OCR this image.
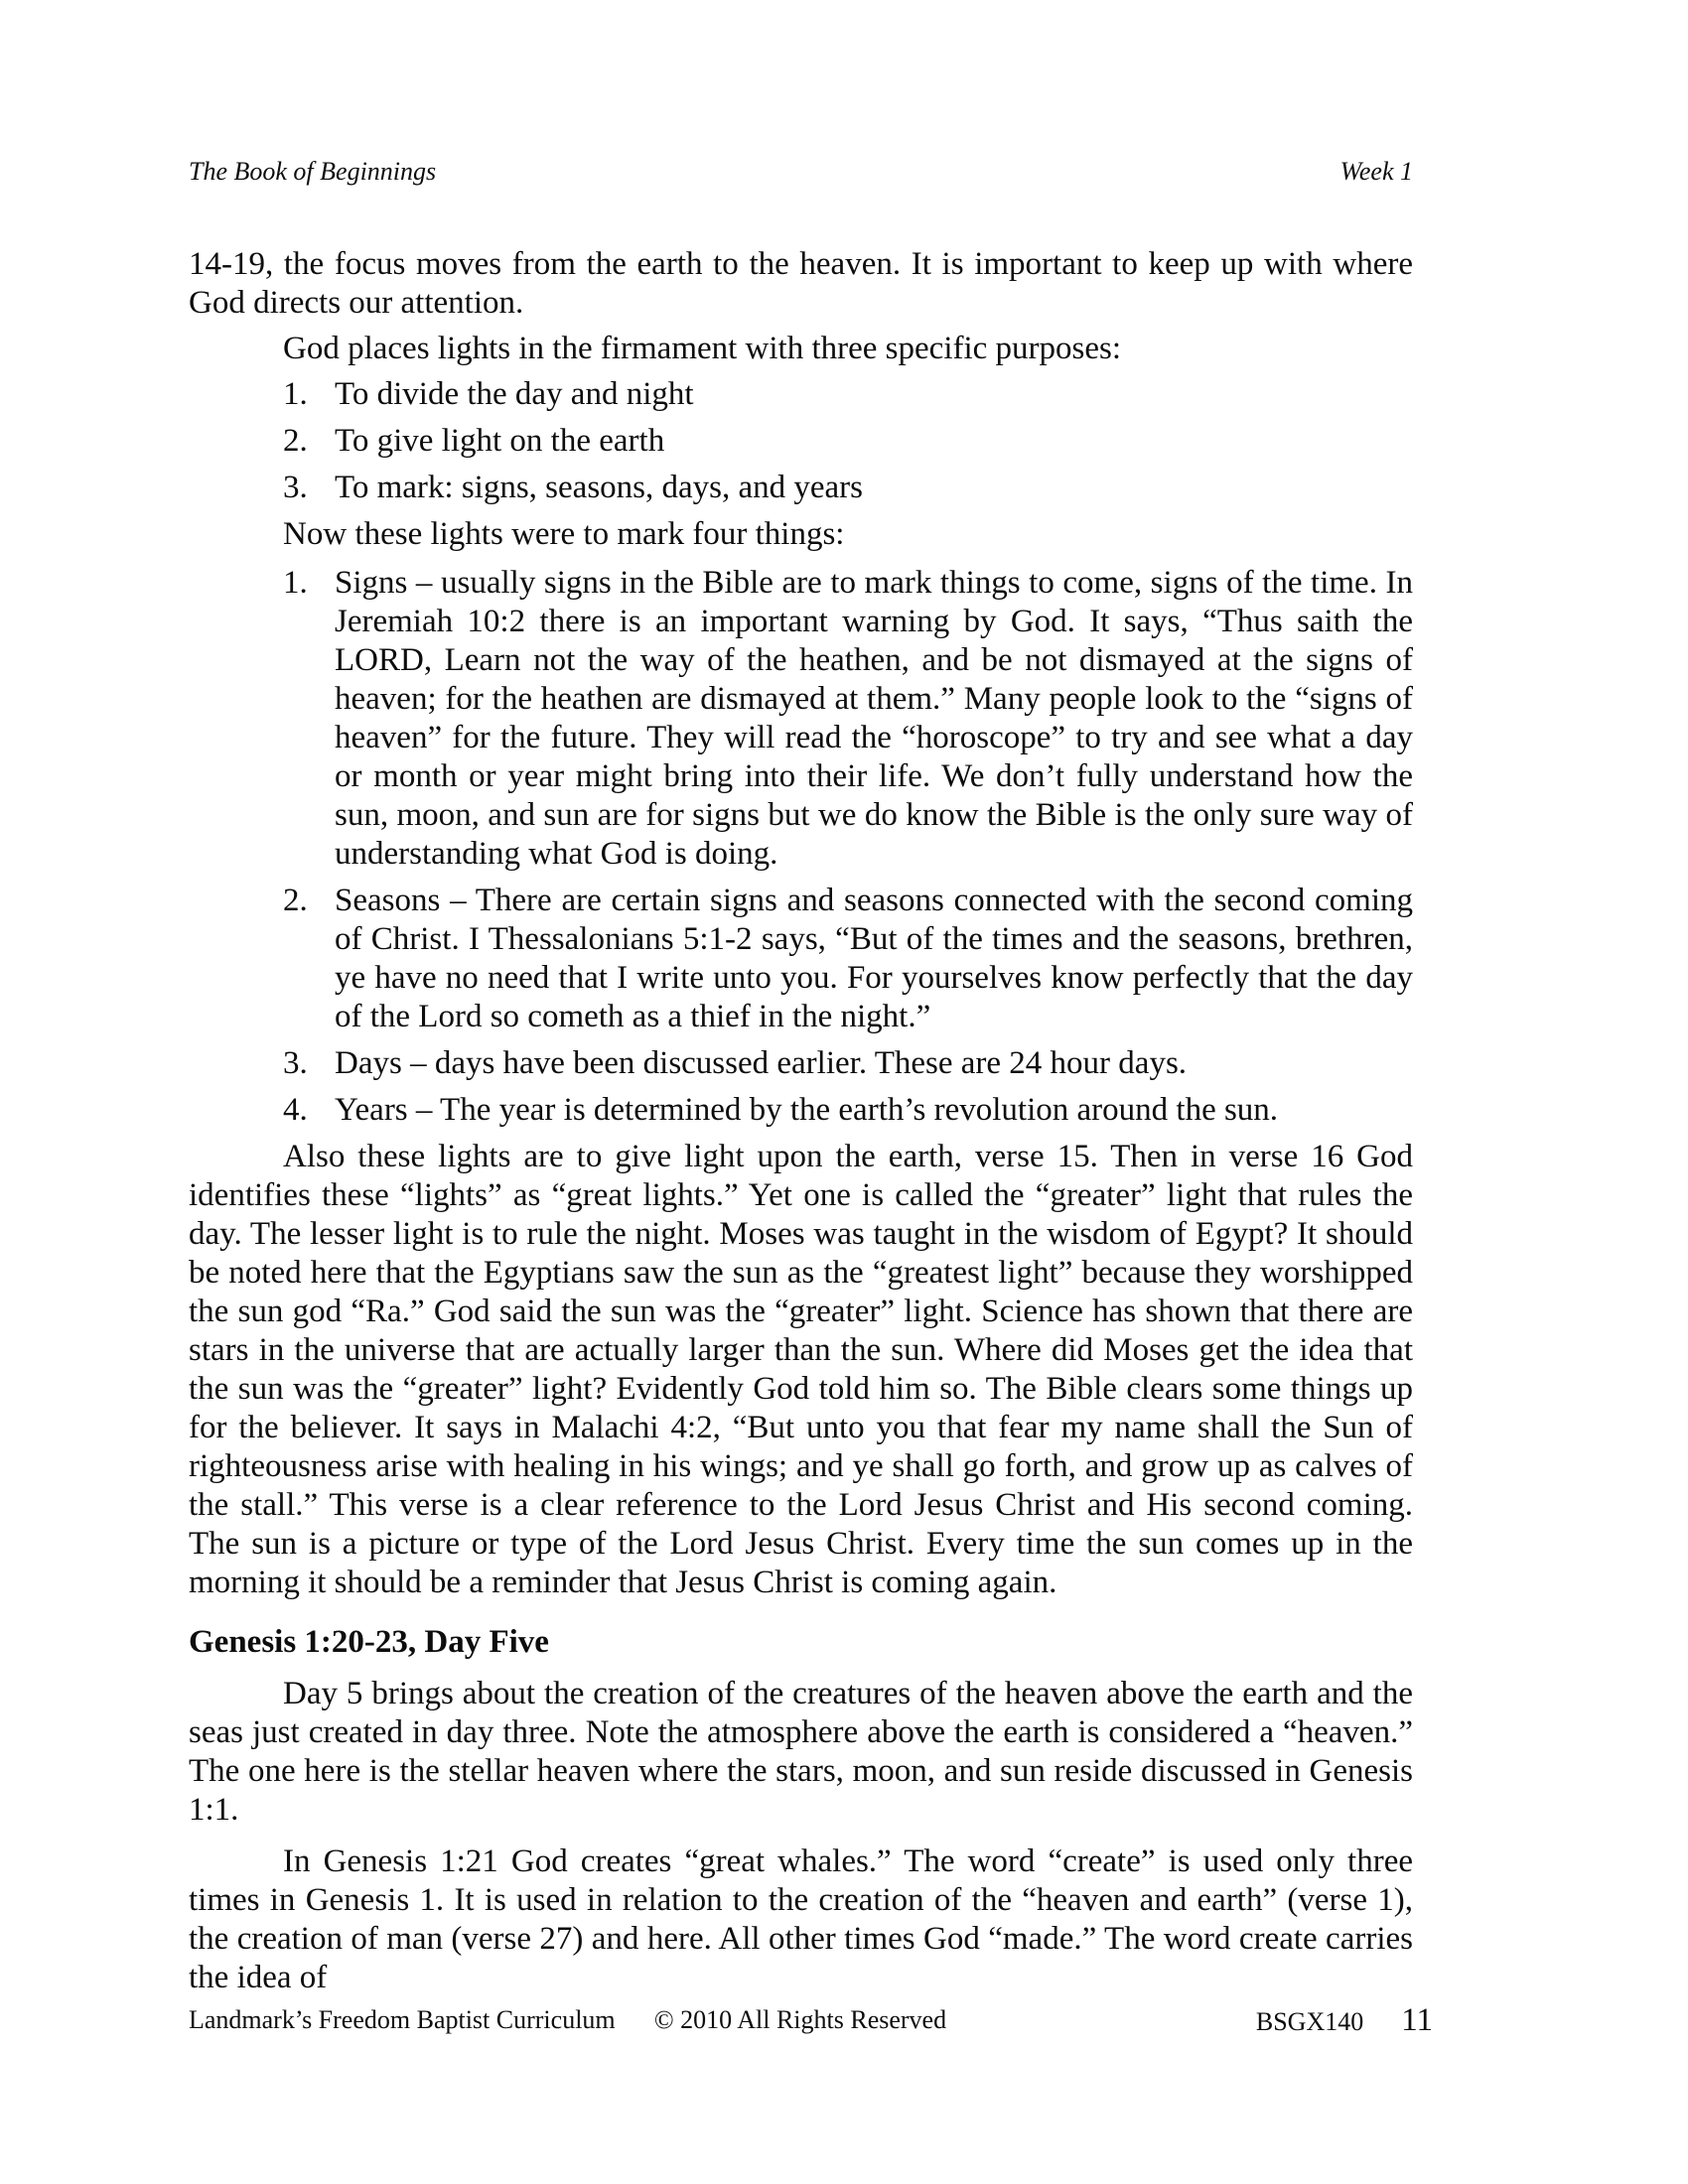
The Book of Beginnings	Week 1

14-19, the focus moves from the earth to the heaven. It is important to keep up with where God directs our attention.

God places lights in the firmament with three specific purposes:

1. To divide the day and night
2. To give light on the earth
3. To mark: signs, seasons, days, and years

Now these lights were to mark four things:

1. Signs – usually signs in the Bible are to mark things to come, signs of the time. In Jeremiah 10:2 there is an important warning by God. It says, “Thus saith the LORD, Learn not the way of the heathen, and be not dismayed at the signs of heaven; for the heathen are dismayed at them.” Many people look to the “signs of heaven” for the future. They will read the “horoscope” to try and see what a day or month or year might bring into their life. We don’t fully understand how the sun, moon, and sun are for signs but we do know the Bible is the only sure way of understanding what God is doing.
2. Seasons – There are certain signs and seasons connected with the second coming of Christ. I Thessalonians 5:1-2 says, “But of the times and the seasons, brethren, ye have no need that I write unto you. For yourselves know perfectly that the day of the Lord so cometh as a thief in the night.”
3. Days – days have been discussed earlier. These are 24 hour days.
4. Years – The year is determined by the earth’s revolution around the sun.

Also these lights are to give light upon the earth, verse 15. Then in verse 16 God identifies these “lights” as “great lights.” Yet one is called the “greater” light that rules the day. The lesser light is to rule the night. Moses was taught in the wisdom of Egypt? It should be noted here that the Egyptians saw the sun as the “greatest light” because they worshipped the sun god “Ra.” God said the sun was the “greater” light. Science has shown that there are stars in the universe that are actually larger than the sun. Where did Moses get the idea that the sun was the “greater” light? Evidently God told him so. The Bible clears some things up for the believer. It says in Malachi 4:2, “But unto you that fear my name shall the Sun of righteousness arise with healing in his wings; and ye shall go forth, and grow up as calves of the stall.” This verse is a clear reference to the Lord Jesus Christ and His second coming. The sun is a picture or type of the Lord Jesus Christ. Every time the sun comes up in the morning it should be a reminder that Jesus Christ is coming again.

Genesis 1:20-23, Day Five

Day 5 brings about the creation of the creatures of the heaven above the earth and the seas just created in day three. Note the atmosphere above the earth is considered a “heaven.” The one here is the stellar heaven where the stars, moon, and sun reside discussed in Genesis 1:1.

In Genesis 1:21 God creates “great whales.” The word “create” is used only three times in Genesis 1. It is used in relation to the creation of the “heaven and earth” (verse 1), the creation of man (verse 27) and here. All other times God “made.” The word create carries the idea of

Landmark’s Freedom Baptist Curriculum © 2010 All Rights Reserved	BSGX140 11
